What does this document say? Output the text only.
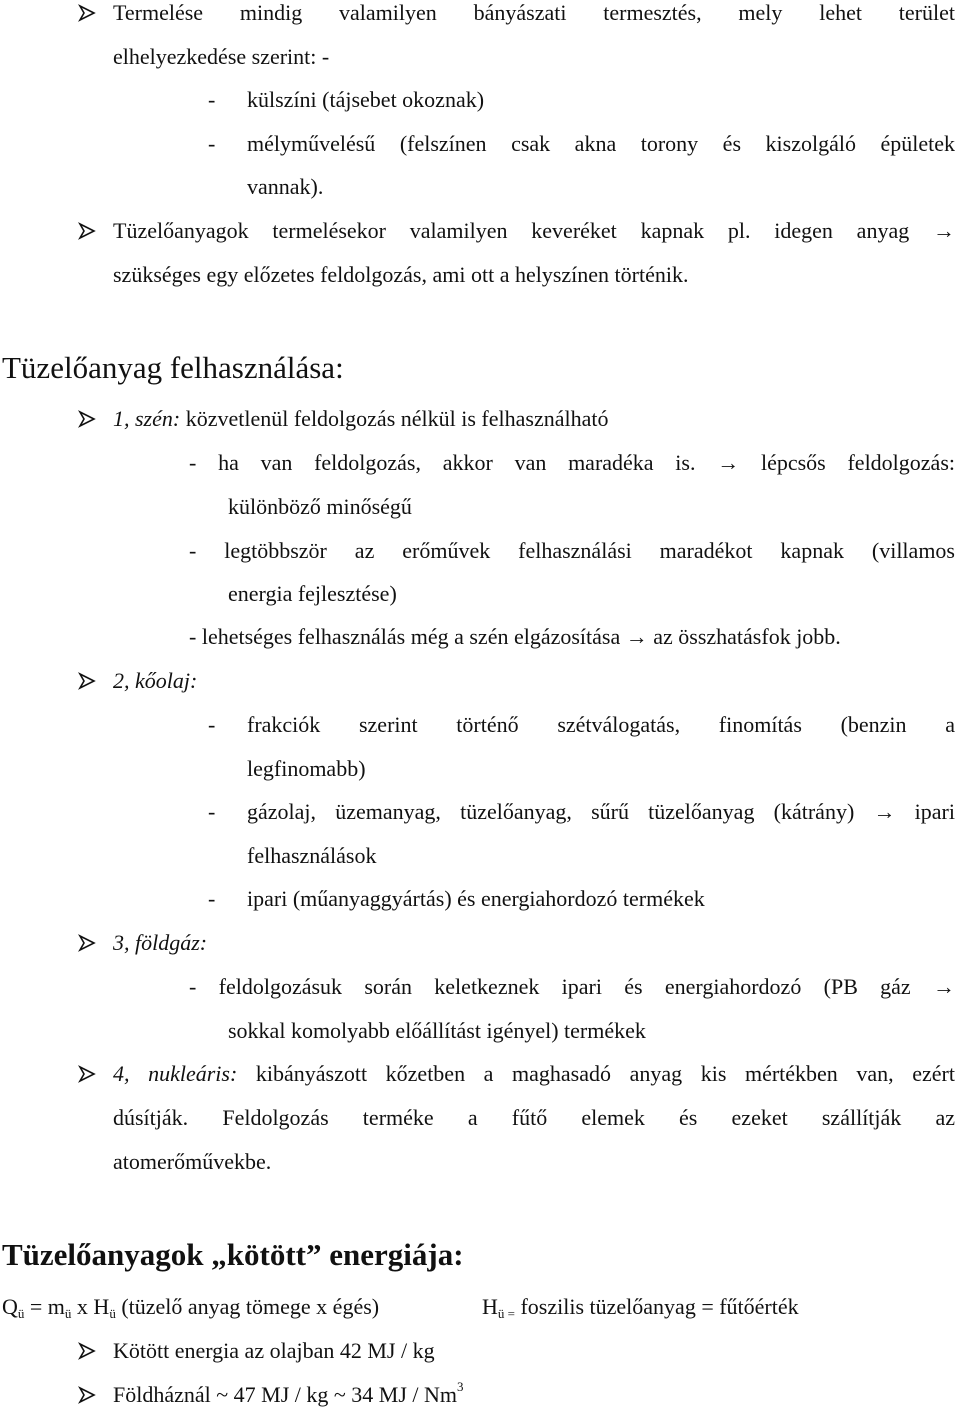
Termelése mindig valamilyen bányászati termesztés, mely lehet terület
elhelyezkedése szerint: -
- külszíni (tájsebet okoznak)
- mélyművelésű (felszínen csak akna torony és kiszolgáló épületek
vannak).
Tüzelőanyagok termelésekor valamilyen keveréket kapnak pl. idegen anyag →
szükséges egy előzetes feldolgozás, ami ott a helyszínen történik.
Tüzelőanyag felhasználása:
1, szén: közvetlenül feldolgozás nélkül is felhasználható
- ha van feldolgozás, akkor van maradéka is. → lépcsős feldolgozás:
különböző minőségű
- legtöbbször az erőművek felhasználási maradékot kapnak (villamos
energia fejlesztése)
- lehetséges felhasználás még a szén elgázosítása → az összhatásfok jobb.
2, kőolaj:
- frakciók szerint történő szétválogatás, finomítás (benzin a
legfinomabb)
- gázolaj, üzemanyag, tüzelőanyag, sűrű tüzelőanyag (kátrány) → ipari
felhasználások
- ipari (műanyaggyártás) és energiahordozó termékek
3, földgáz:
- feldolgozásuk során keletkeznek ipari és energiahordozó (PB gáz →
sokkal komolyabb előállítást igényel) termékek
4, nukleáris: kibányászott kőzetben a maghasadó anyag kis mértékben van, ezért
dúsítják. Feldolgozás terméke a fűtő elemek és ezeket szállítják az
atomerőművekbe.
Tüzelőanyagok „kötött” energiája:
$Q_ü = m_ü$ x $H_ü$ (tüzelő anyag tömege x égés)	$H_{ü =}$ foszilis tüzelőanyag = fűtőérték
Kötött energia az olajban 42 MJ / kg
Földháznál ~ 47 MJ / kg ~ 34 MJ / Nm$^3$
